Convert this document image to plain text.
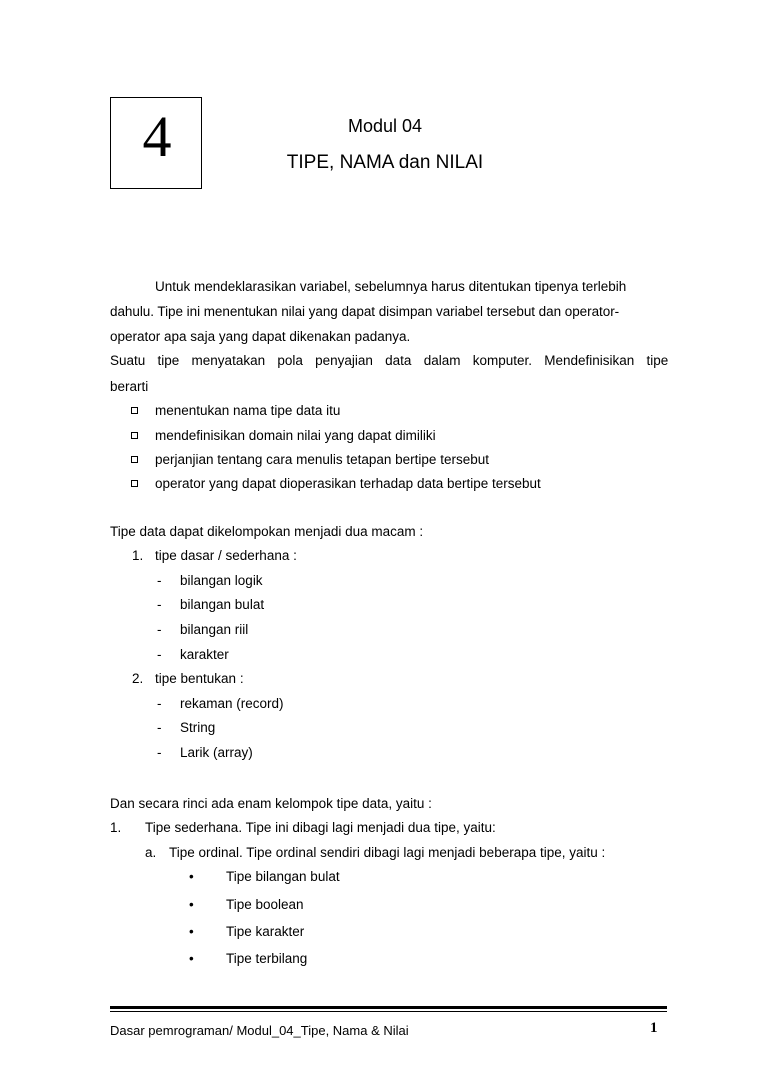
4	Modul 04
TIPE, NAMA dan NILAI
Untuk mendeklarasikan variabel, sebelumnya harus ditentukan tipenya terlebih
dahulu. Tipe ini menentukan nilai yang dapat disimpan variabel tersebut dan operator-
operator apa saja yang dapat dikenakan padanya.
Suatu tipe menyatakan pola penyajian data dalam komputer. Mendefinisikan tipe
berarti
menentukan nama tipe data itu
mendefinisikan domain nilai yang dapat dimiliki
perjanjian tentang cara menulis tetapan bertipe tersebut
operator yang dapat dioperasikan terhadap data bertipe tersebut
Tipe data dapat dikelompokan menjadi dua macam :
1. tipe dasar / sederhana :
- bilangan logik
- bilangan bulat
- bilangan riil
- karakter
2. tipe bentukan :
- rekaman (record)
- String
- Larik (array)
Dan secara rinci ada enam kelompok tipe data, yaitu :
1. Tipe sederhana. Tipe ini dibagi lagi menjadi dua tipe, yaitu:
a. Tipe ordinal. Tipe ordinal sendiri dibagi lagi menjadi beberapa tipe, yaitu :
• Tipe bilangan bulat
• Tipe boolean
• Tipe karakter
• Tipe terbilang
Dasar pemrograman/ Modul_04_Tipe, Nama & Nilai	1
